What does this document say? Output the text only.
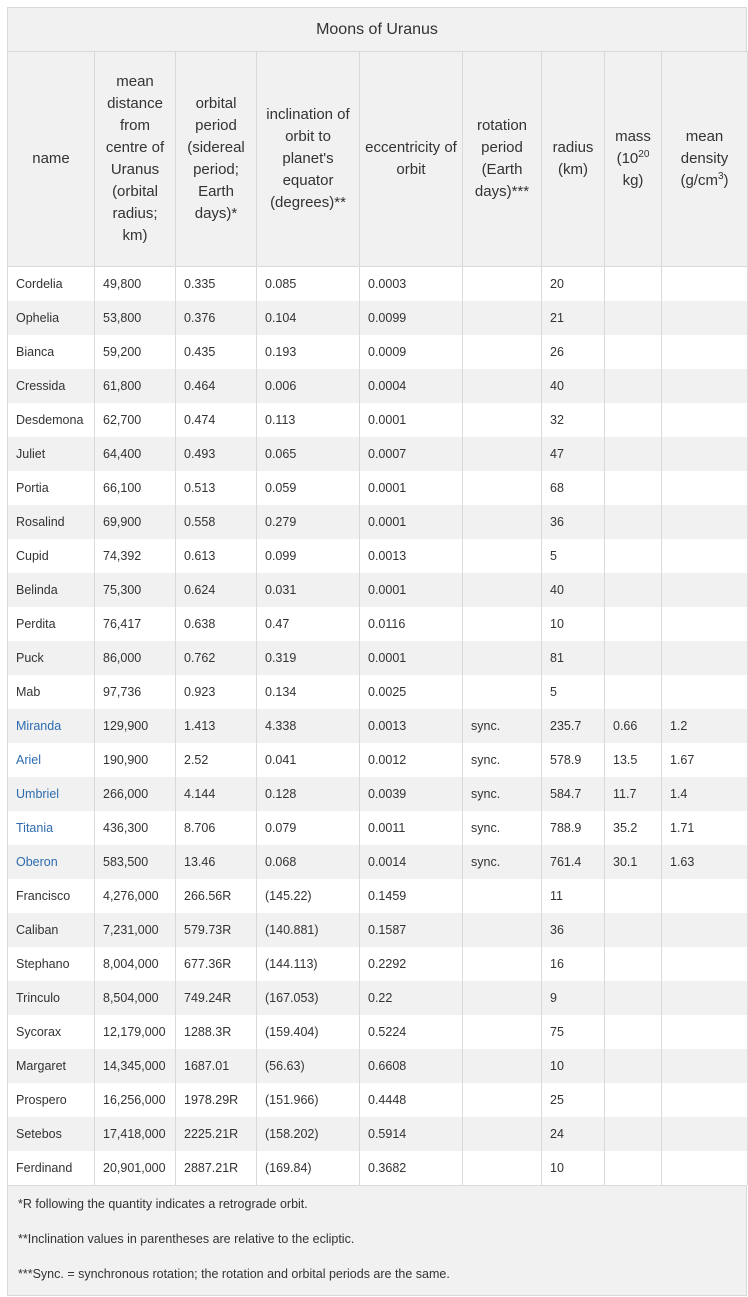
Moons of Uranus
name	mean distance from centre of Uranus (orbital radius; km)	orbital period (sidereal period; Earth days)*	inclination of orbit to planet's equator (degrees)**	eccentricity of orbit	rotation period (Earth days)***	radius (km)	mass ($10^{20}$ kg)	mean density $(g/cm^3)$
Cordelia	49,800	0.335	0.085	0.0003		20		
Ophelia	53,800	0.376	0.104	0.0099		21		
Bianca	59,200	0.435	0.193	0.0009		26		
Cressida	61,800	0.464	0.006	0.0004		40		
Desdemona	62,700	0.474	0.113	0.0001		32		
Juliet	64,400	0.493	0.065	0.0007		47		
Portia	66,100	0.513	0.059	0.0001		68		
Rosalind	69,900	0.558	0.279	0.0001		36		
Cupid	74,392	0.613	0.099	0.0013		5		
Belinda	75,300	0.624	0.031	0.0001		40		
Perdita	76,417	0.638	0.47	0.0116		10		
Puck	86,000	0.762	0.319	0.0001		81		
Mab	97,736	0.923	0.134	0.0025		5		
Miranda	129,900	1.413	4.338	0.0013	sync.	235.7	0.66	1.2
Ariel	190,900	2.52	0.041	0.0012	sync.	578.9	13.5	1.67
Umbriel	266,000	4.144	0.128	0.0039	sync.	584.7	11.7	1.4
Titania	436,300	8.706	0.079	0.0011	sync.	788.9	35.2	1.71
Oberon	583,500	13.46	0.068	0.0014	sync.	761.4	30.1	1.63
Francisco	4,276,000	266.56R	(145.22)	0.1459		11		
Caliban	7,231,000	579.73R	(140.881)	0.1587		36		
Stephano	8,004,000	677.36R	(144.113)	0.2292		16		
Trinculo	8,504,000	749.24R	(167.053)	0.22		9		
Sycorax	12,179,000	1288.3R	(159.404)	0.5224		75		
Margaret	14,345,000	1687.01	(56.63)	0.6608		10		
Prospero	16,256,000	1978.29R	(151.966)	0.4448		25		
Setebos	17,418,000	2225.21R	(158.202)	0.5914		24		
Ferdinand	20,901,000	2887.21R	(169.84)	0.3682		10		
*R following the quantity indicates a retrograde orbit.
**Inclination values in parentheses are relative to the ecliptic.
***Sync. = synchronous rotation; the rotation and orbital periods are the same.
